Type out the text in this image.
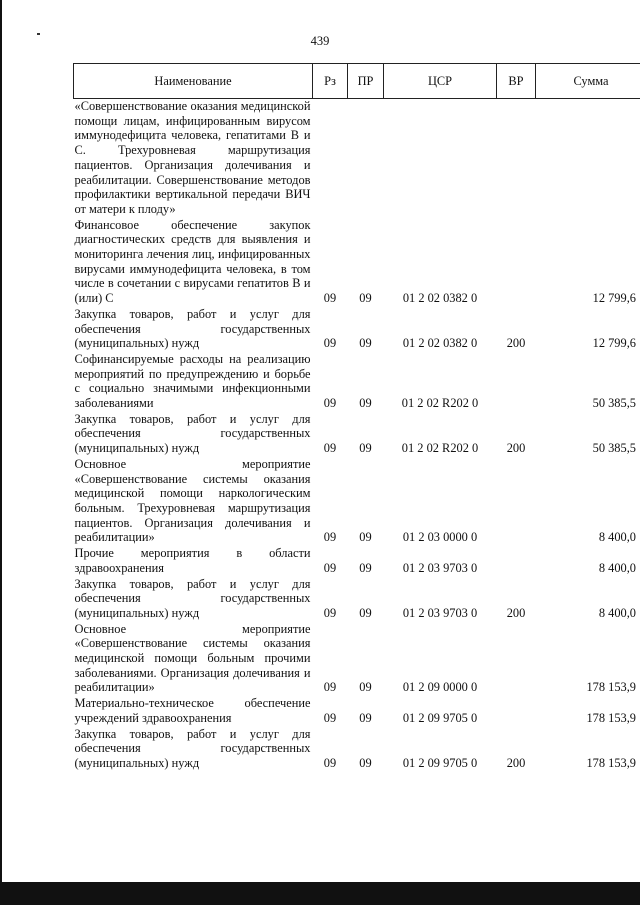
439
Наименование	Рз	ПР	ЦСР	ВР	Сумма
«Совершенствование оказания медицинской помощи лицам, инфицированным вирусом иммунодефицита человека, гепатитами В и С. Трехуровневая маршрутизация пациентов. Организация долечивания и реабилитации. Совершенствование методов профилактики вертикальной передачи ВИЧ от матери к плоду»					
Финансовое обеспечение закупок диагностических средств для выявления и мониторинга лечения лиц, инфицированных вирусами иммунодефицита человека, в том числе в сочетании с вирусами гепатитов В и (или) С	09	09	01 2 02 0382 0		12 799,6
Закупка товаров, работ и услуг для обеспечения государственных (муниципальных) нужд	09	09	01 2 02 0382 0	200	12 799,6
Софинансируемые расходы на реализацию мероприятий по предупреждению и борьбе с социально значимыми инфекционными заболеваниями	09	09	01 2 02 R202 0		50 385,5
Закупка товаров, работ и услуг для обеспечения государственных (муниципальных) нужд	09	09	01 2 02 R202 0	200	50 385,5
Основное мероприятие «Совершенствование системы оказания медицинской помощи наркологическим больным. Трехуровневая маршрутизация пациентов. Организация долечивания и реабилитации»	09	09	01 2 03 0000 0		8 400,0
Прочие мероприятия в области здравоохранения	09	09	01 2 03 9703 0		8 400,0
Закупка товаров, работ и услуг для обеспечения государственных (муниципальных) нужд	09	09	01 2 03 9703 0	200	8 400,0
Основное мероприятие «Совершенствование системы оказания медицинской помощи больным прочими заболеваниями. Организация долечивания и реабилитации»	09	09	01 2 09 0000 0		178 153,9
Материально-техническое обеспечение учреждений здравоохранения	09	09	01 2 09 9705 0		178 153,9
Закупка товаров, работ и услуг для обеспечения государственных (муниципальных) нужд	09	09	01 2 09 9705 0	200	178 153,9
